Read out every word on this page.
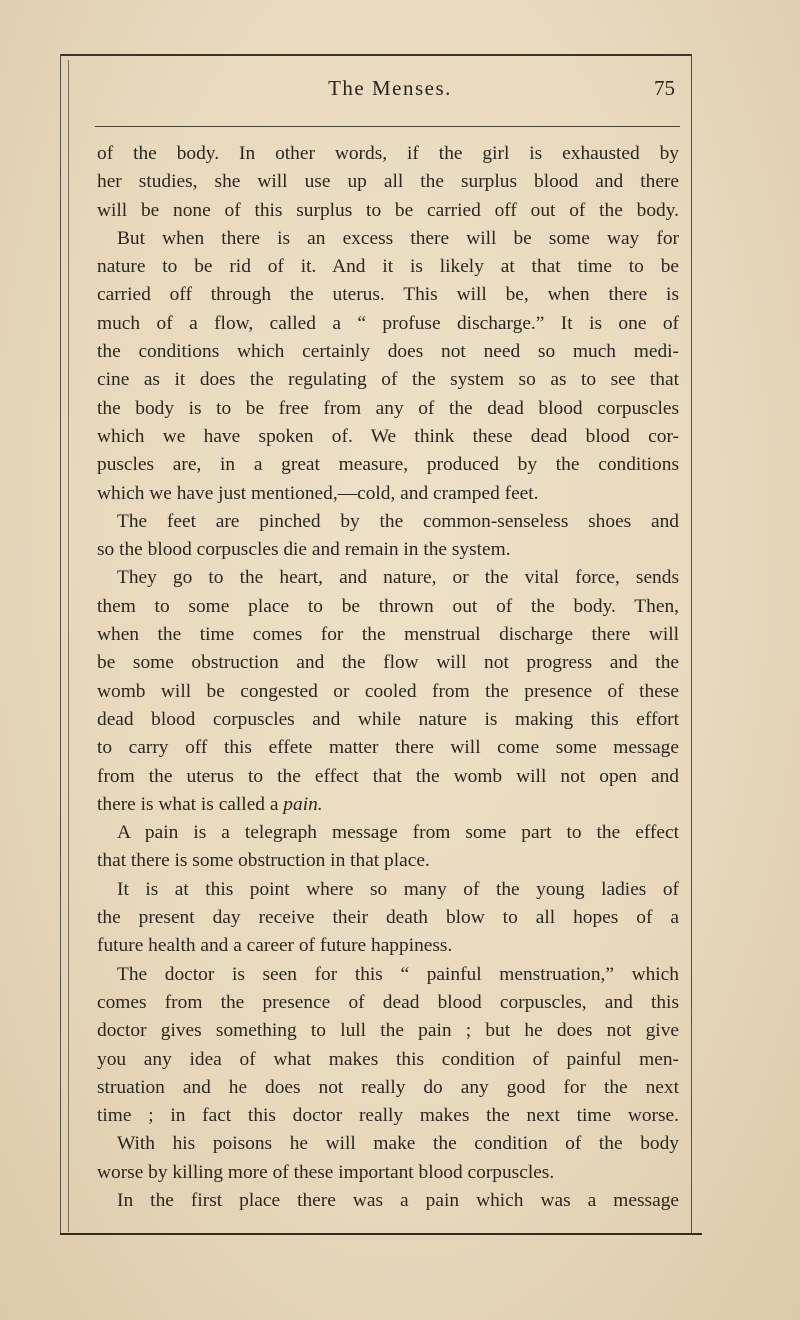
The Menses.	75
of the body. In other words, if the girl is exhausted by
her studies, she will use up all the surplus blood and there
will be none of this surplus to be carried off out of the body.
But when there is an excess there will be some way for
nature to be rid of it. And it is likely at that time to be
carried off through the uterus. This will be, when there is
much of a flow, called a “ profuse discharge.” It is one of
the conditions which certainly does not need so much medi-
cine as it does the regulating of the system so as to see that
the body is to be free from any of the dead blood corpuscles
which we have spoken of. We think these dead blood cor-
puscles are, in a great measure, produced by the conditions
which we have just mentioned,—cold, and cramped feet.
The feet are pinched by the common-senseless shoes and
so the blood corpuscles die and remain in the system.
They go to the heart, and nature, or the vital force, sends
them to some place to be thrown out of the body. Then,
when the time comes for the menstrual discharge there will
be some obstruction and the flow will not progress and the
womb will be congested or cooled from the presence of these
dead blood corpuscles and while nature is making this effort
to carry off this effete matter there will come some message
from the uterus to the effect that the womb will not open and
there is what is called a pain.
A pain is a telegraph message from some part to the effect
that there is some obstruction in that place.
It is at this point where so many of the young ladies of
the present day receive their death blow to all hopes of a
future health and a career of future happiness.
The doctor is seen for this “ painful menstruation,” which
comes from the presence of dead blood corpuscles, and this
doctor gives something to lull the pain ; but he does not give
you any idea of what makes this condition of painful men-
struation and he does not really do any good for the next
time ; in fact this doctor really makes the next time worse.
With his poisons he will make the condition of the body
worse by killing more of these important blood corpuscles.
In the first place there was a pain which was a message
